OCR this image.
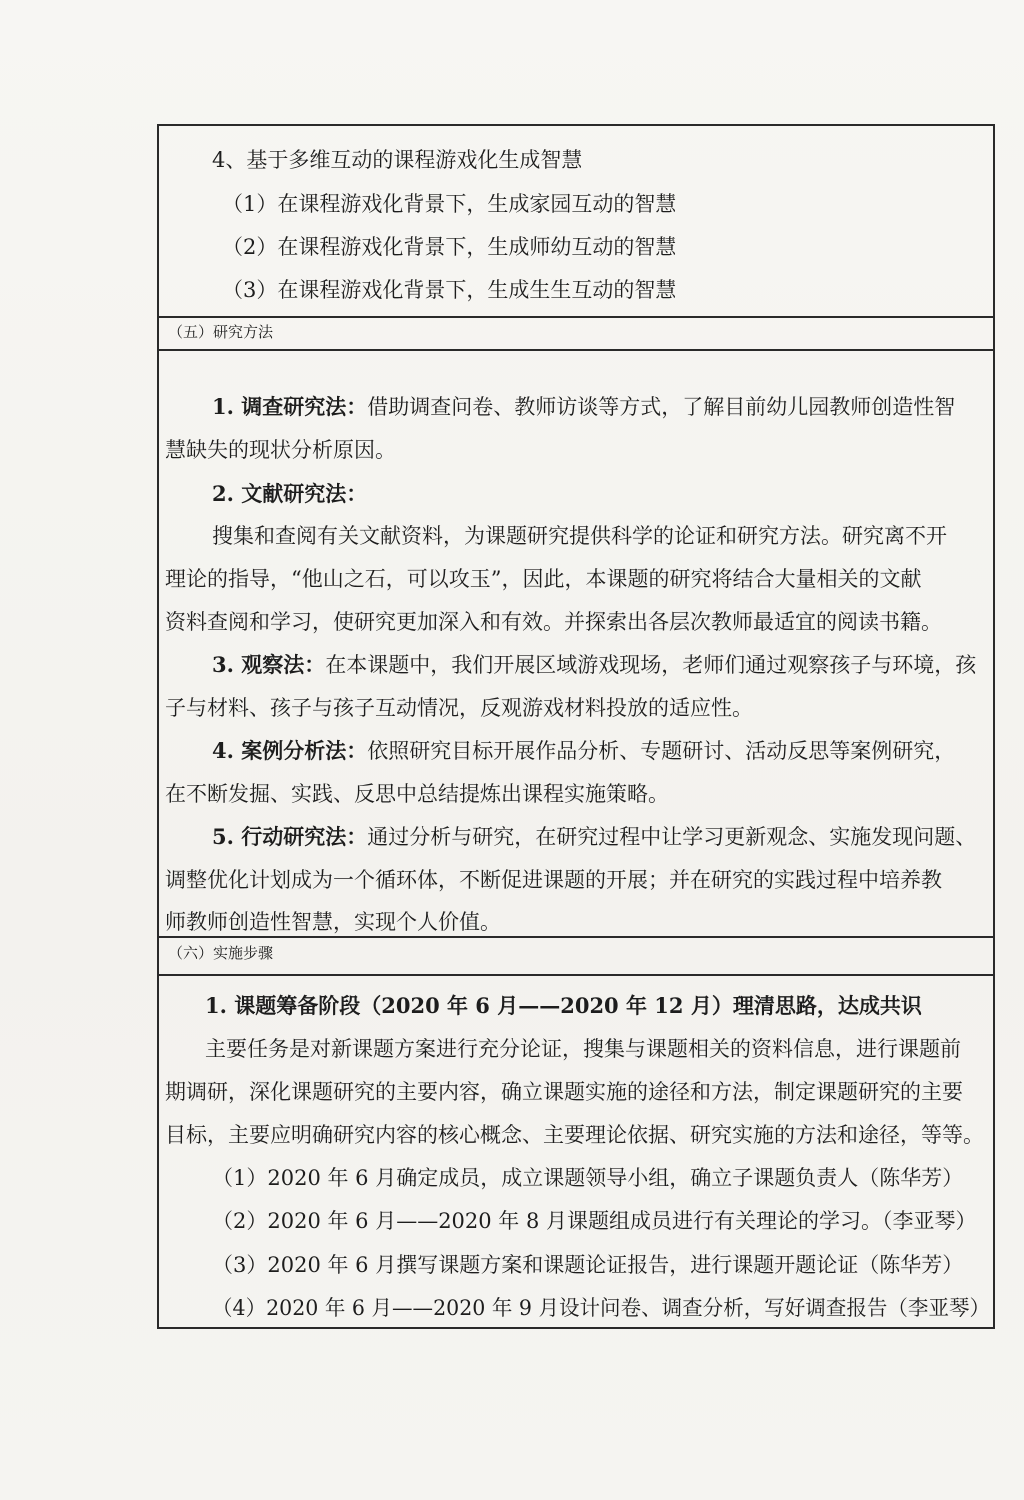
4、基于多维互动的课程游戏化生成智慧
（1）在课程游戏化背景下，生成家园互动的智慧
（2）在课程游戏化背景下，生成师幼互动的智慧
（3）在课程游戏化背景下，生成生生互动的智慧
（五）研究方法
1. 调查研究法：借助调查问卷、教师访谈等方式，了解目前幼儿园教师创造性智
慧缺失的现状分析原因。
2. 文献研究法：
搜集和查阅有关文献资料，为课题研究提供科学的论证和研究方法。研究离不开
理论的指导，“他山之石，可以攻玉”，因此，本课题的研究将结合大量相关的文献
资料查阅和学习，使研究更加深入和有效。并探索出各层次教师最适宜的阅读书籍。
3. 观察法：在本课题中，我们开展区域游戏现场，老师们通过观察孩子与环境，孩
子与材料、孩子与孩子互动情况，反观游戏材料投放的适应性。
4. 案例分析法：依照研究目标开展作品分析、专题研讨、活动反思等案例研究，
在不断发掘、实践、反思中总结提炼出课程实施策略。
5. 行动研究法：通过分析与研究，在研究过程中让学习更新观念、实施发现问题、
调整优化计划成为一个循环体，不断促进课题的开展；并在研究的实践过程中培养教
师教师创造性智慧，实现个人价值。
（六）实施步骤
1. 课题筹备阶段（2020 年 6 月——2020 年 12 月）理清思路，达成共识
主要任务是对新课题方案进行充分论证，搜集与课题相关的资料信息，进行课题前
期调研，深化课题研究的主要内容，确立课题实施的途径和方法，制定课题研究的主要
目标，主要应明确研究内容的核心概念、主要理论依据、研究实施的方法和途径，等等。
（1）2020 年 6 月确定成员，成立课题领导小组，确立子课题负责人（陈华芳）
（2）2020 年 6 月——2020 年 8 月课题组成员进行有关理论的学习。（李亚琴）
（3）2020 年 6 月撰写课题方案和课题论证报告，进行课题开题论证（陈华芳）
（4）2020 年 6 月——2020 年 9 月设计问卷、调查分析，写好调查报告（李亚琴）
